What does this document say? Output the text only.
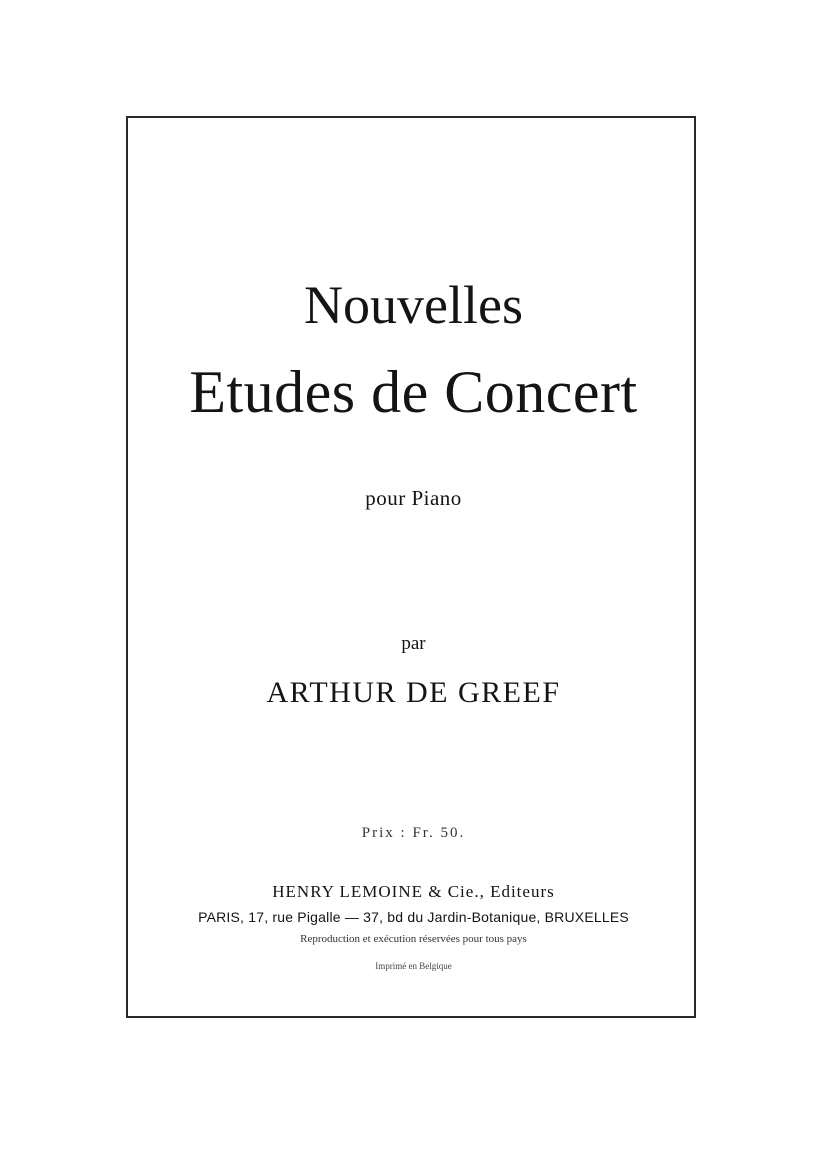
Nouvelles
Etudes de Concert
pour Piano
par
ARTHUR DE GREEF
Prix : Fr. 50.
HENRY LEMOINE & Cie., Editeurs
PARIS, 17, rue Pigalle — 37, bd du Jardin-Botanique, BRUXELLES
Reproduction et exécution réservées pour tous pays
Imprimé en Belgique
